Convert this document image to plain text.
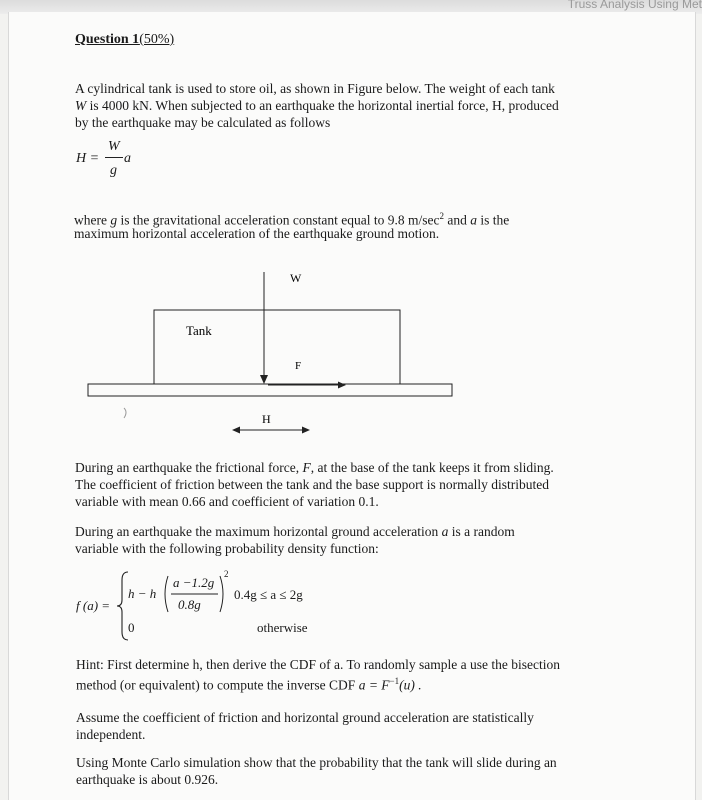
Truss Analysis Using Met
Question 1(50%)

A cylindrical tank is used to store oil, as shown in Figure below. The weight of each tank

W is 4000 kN. When subjected to an earthquake the horizontal inertial force, H, produced

by the earthquake may be calculated as follows

H =
W
g
a

where g is the gravitational acceleration constant equal to 9.8 $m/\sec^2$ and a is the

maximum horizontal acceleration of the earthquake ground motion.

W
Tank
F
H

During an earthquake the frictional force, F, at the base of the tank keeps it from sliding.

The coefficient of friction between the tank and the base support is normally distributed

variable with mean 0.66 and coefficient of variation 0.1.

During an earthquake the maximum horizontal ground acceleration a is a random

variable with the following probability density function:

f (a) =
h − h
a −1.2g
0.8g
2
0.4g ≤ a ≤ 2g
0	otherwise

Hint: First determine h, then derive the CDF of a. To randomly sample a use the bisection

method (or equivalent) to compute the inverse CDF $a = F^{-1}(u)$ .

Assume the coefficient of friction and horizontal ground acceleration are statistically

independent.

Using Monte Carlo simulation show that the probability that the tank will slide during an

earthquake is about 0.926.
